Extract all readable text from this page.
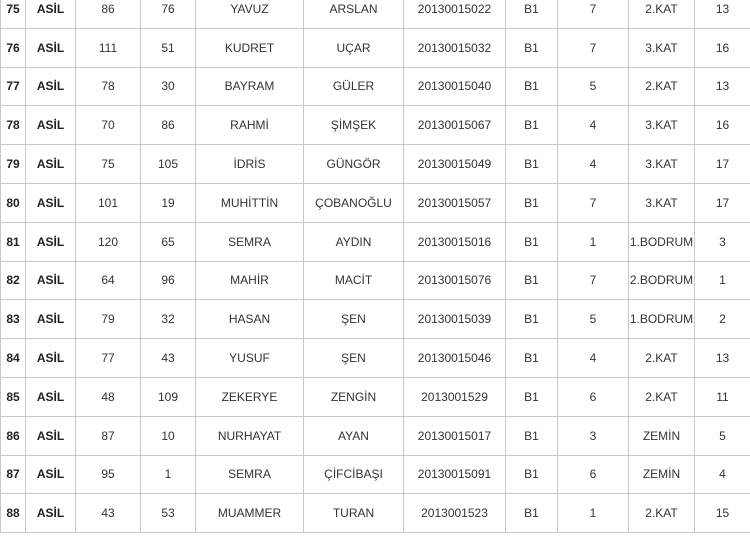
75	ASİL	86	76	YAVUZ	ARSLAN	20130015022	B1	7	2.KAT	13
76	ASİL	111	51	KUDRET	UÇAR	20130015032	B1	7	3.KAT	16
77	ASİL	78	30	BAYRAM	GÜLER	20130015040	B1	5	2.KAT	13
78	ASİL	70	86	RAHMİ	ŞİMŞEK	20130015067	B1	4	3.KAT	16
79	ASİL	75	105	İDRİS	GÜNGÖR	20130015049	B1	4	3.KAT	17
80	ASİL	101	19	MUHİTTİN	ÇOBANOĞLU	20130015057	B1	7	3.KAT	17
81	ASİL	120	65	SEMRA	AYDIN	20130015016	B1	1	1.BODRUM	3
82	ASİL	64	96	MAHİR	MACİT	20130015076	B1	7	2.BODRUM	1
83	ASİL	79	32	HASAN	ŞEN	20130015039	B1	5	1.BODRUM	2
84	ASİL	77	43	YUSUF	ŞEN	20130015046	B1	4	2.KAT	13
85	ASİL	48	109	ZEKERYE	ZENGİN	2013001529	B1	6	2.KAT	11
86	ASİL	87	10	NURHAYAT	AYAN	20130015017	B1	3	ZEMİN	5
87	ASİL	95	1	SEMRA	ÇİFCİBAŞI	20130015091	B1	6	ZEMİN	4
88	ASİL	43	53	MUAMMER	TURAN	2013001523	B1	1	2.KAT	15
